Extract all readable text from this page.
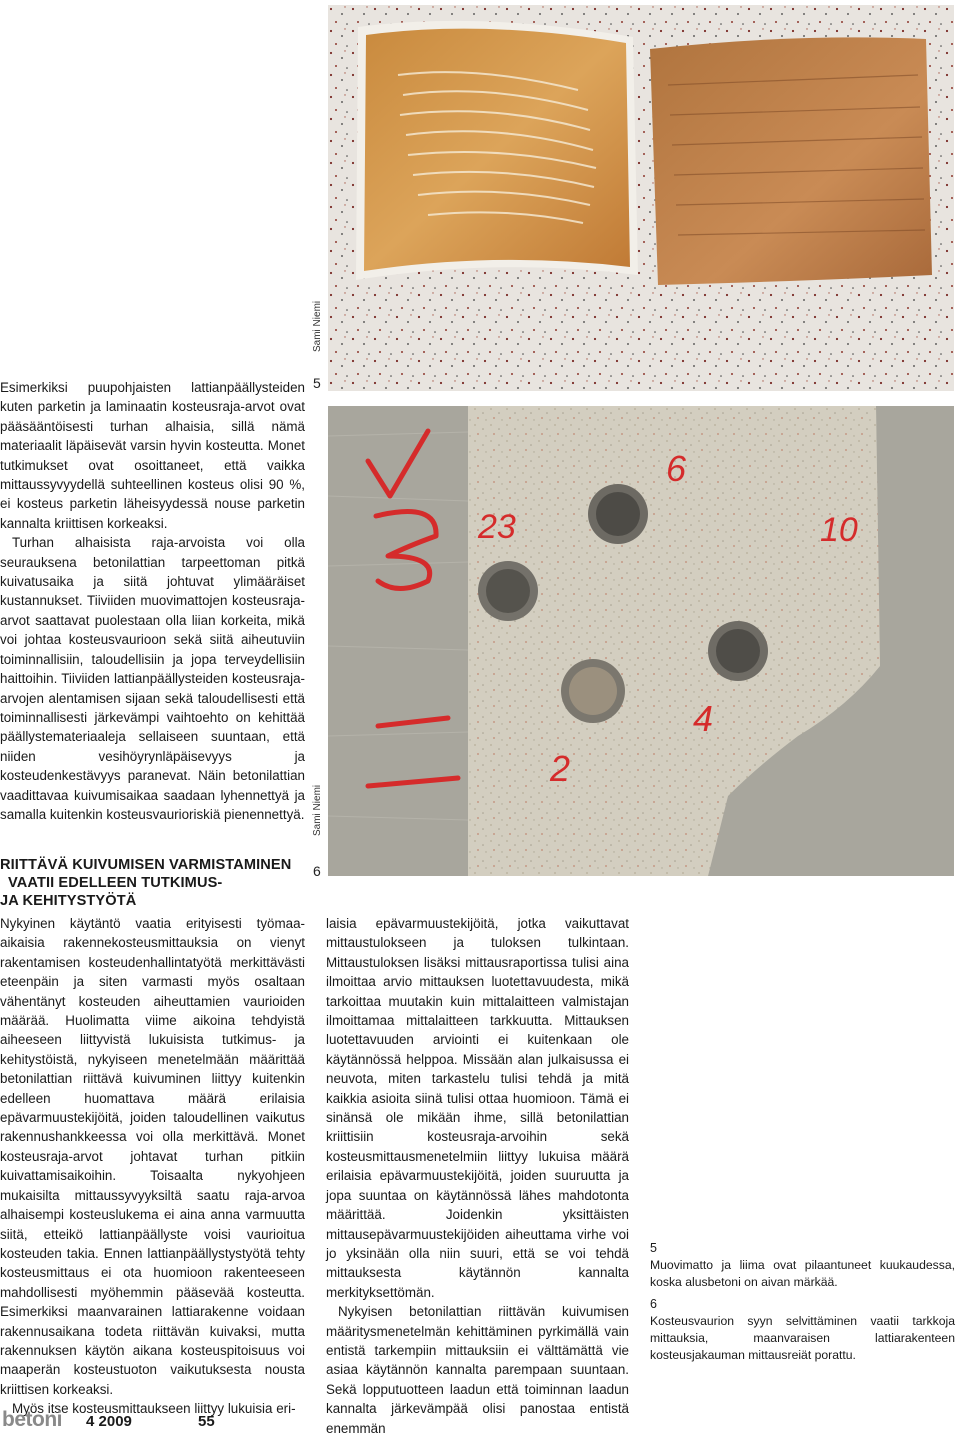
Sami Niemi
5
23
6
10
4
2
Sami Niemi
6

Esimerkiksi puupohjaisten lattianpäällysteiden kuten parketin ja laminaatin kosteusraja-arvot ovat pääsääntöisesti turhan alhaisia, sillä nämä materiaalit läpäisevät varsin hyvin kosteutta. Monet tutkimukset ovat osoittaneet, että vaikka mittaussyvyydellä suhteellinen kosteus olisi 90 %, ei kosteus parketin läheisyydessä nouse parketin kannalta kriittisen korkeaksi.

Turhan alhaisista raja-arvoista voi olla seurauksena betonilattian tarpeettoman pitkä kuivatusaika ja siitä johtuvat ylimääräiset kustannukset. Tiiviiden muovimattojen kosteusraja-arvot saattavat puolestaan olla liian korkeita, mikä voi johtaa kosteusvaurioon sekä siitä aiheutuviin toiminnallisiin, taloudellisiin ja jopa terveydellisiin haittoihin. Tiiviiden lattianpäällysteiden kosteusraja-arvojen alentamisen sijaan sekä taloudellisesti että toiminnallisesti järkevämpi vaihtoehto on kehittää päällystemateriaaleja sellaiseen suuntaan, että niiden vesihöyrynläpäisevyys ja kosteudenkestävyys paranevat. Näin betonilattian vaadittavaa kuivumisaikaa saadaan lyhennettyä ja samalla kuitenkin kosteusvaurioriskiä pienennettyä.

RIITTÄVÄ KUIVUMISEN VARMISTAMINEN
VAATII EDELLEEN TUTKIMUS-
JA KEHITYSTYÖTÄ

Nykyinen käytäntö vaatia erityisesti työmaa-aikaisia rakennekosteusmittauksia on vienyt rakentamisen kosteudenhallintatyötä merkittävästi eteenpäin ja siten varmasti myös osaltaan vähentänyt kosteuden aiheuttamien vaurioiden määrää. Huolimatta viime aikoina tehdyistä aiheeseen liittyvistä lukuisista tutkimus- ja kehitystöistä, nykyiseen menetelmään määrittää betonilattian riittävä kuivuminen liittyy kuitenkin edelleen huomattava määrä erilaisia epävarmuustekijöitä, joiden taloudellinen vaikutus rakennushankkeessa voi olla merkittävä. Monet kosteusraja-arvot johtavat turhan pitkiin kuivattamisaikoihin. Toisaalta nykyohjeen mukaisilta mittaussyvyyksiltä saatu raja-arvoa alhaisempi kosteuslukema ei aina anna varmuutta siitä, etteikö lattianpäällyste voisi vaurioitua kosteuden takia. Ennen lattianpäällystystyötä tehty kosteusmittaus ei ota huomioon rakenteeseen mahdollisesti myöhemmin pääsevää kosteutta. Esimerkiksi maanvarainen lattiarakenne voidaan rakennusaikana todeta riittävän kuivaksi, mutta rakennuksen käytön aikana kosteuspitoisuus voi maaperän kosteustuoton vaikutuksesta nousta kriittisen korkeaksi.

Myös itse kosteusmittaukseen liittyy lukuisia eri-

laisia epävarmuustekijöitä, jotka vaikuttavat mittaustulokseen ja tuloksen tulkintaan. Mittaustuloksen lisäksi mittausraportissa tulisi aina ilmoittaa arvio mittauksen luotettavuudesta, mikä tarkoittaa muutakin kuin mittalaitteen valmistajan ilmoittamaa mittalaitteen tarkkuutta. Mittauksen luotettavuuden arviointi ei kuitenkaan ole käytännössä helppoa. Missään alan julkaisussa ei neuvota, miten tarkastelu tulisi tehdä ja mitä kaikkia asioita siinä tulisi ottaa huomioon. Tämä ei sinänsä ole mikään ihme, sillä betonilattian kriittisiin kosteusraja-arvoihin sekä kosteusmittausmenetelmiin liittyy lukuisa määrä erilaisia epävarmuustekijöitä, joiden suuruutta ja jopa suuntaa on käytännössä lähes mahdotonta määrittää. Joidenkin yksittäisten mittausepävarmuustekijöiden aiheuttama virhe voi jo yksinään olla niin suuri, että se voi tehdä mittauksesta käytännön kannalta merkityksettömän.

Nykyisen betonilattian riittävän kuivumisen määritysmenetelmän kehittäminen pyrkimällä vain entistä tarkempiin mittauksiin ei välttämättä vie asiaa käytännön kannalta parempaan suuntaan. Sekä lopputuotteen laadun että toiminnan laadun kannalta järkevämpää olisi panostaa entistä enemmän

5
Muovimatto ja liima ovat pilaantuneet kuukaudessa, koska alusbetoni on aivan märkää.

6
Kosteusvaurion syyn selvittäminen vaatii tarkkoja mittauksia, maanvaraisen lattiarakenteen kosteusjakauman mittausreiät porattu.

betoni 4 2009	55
